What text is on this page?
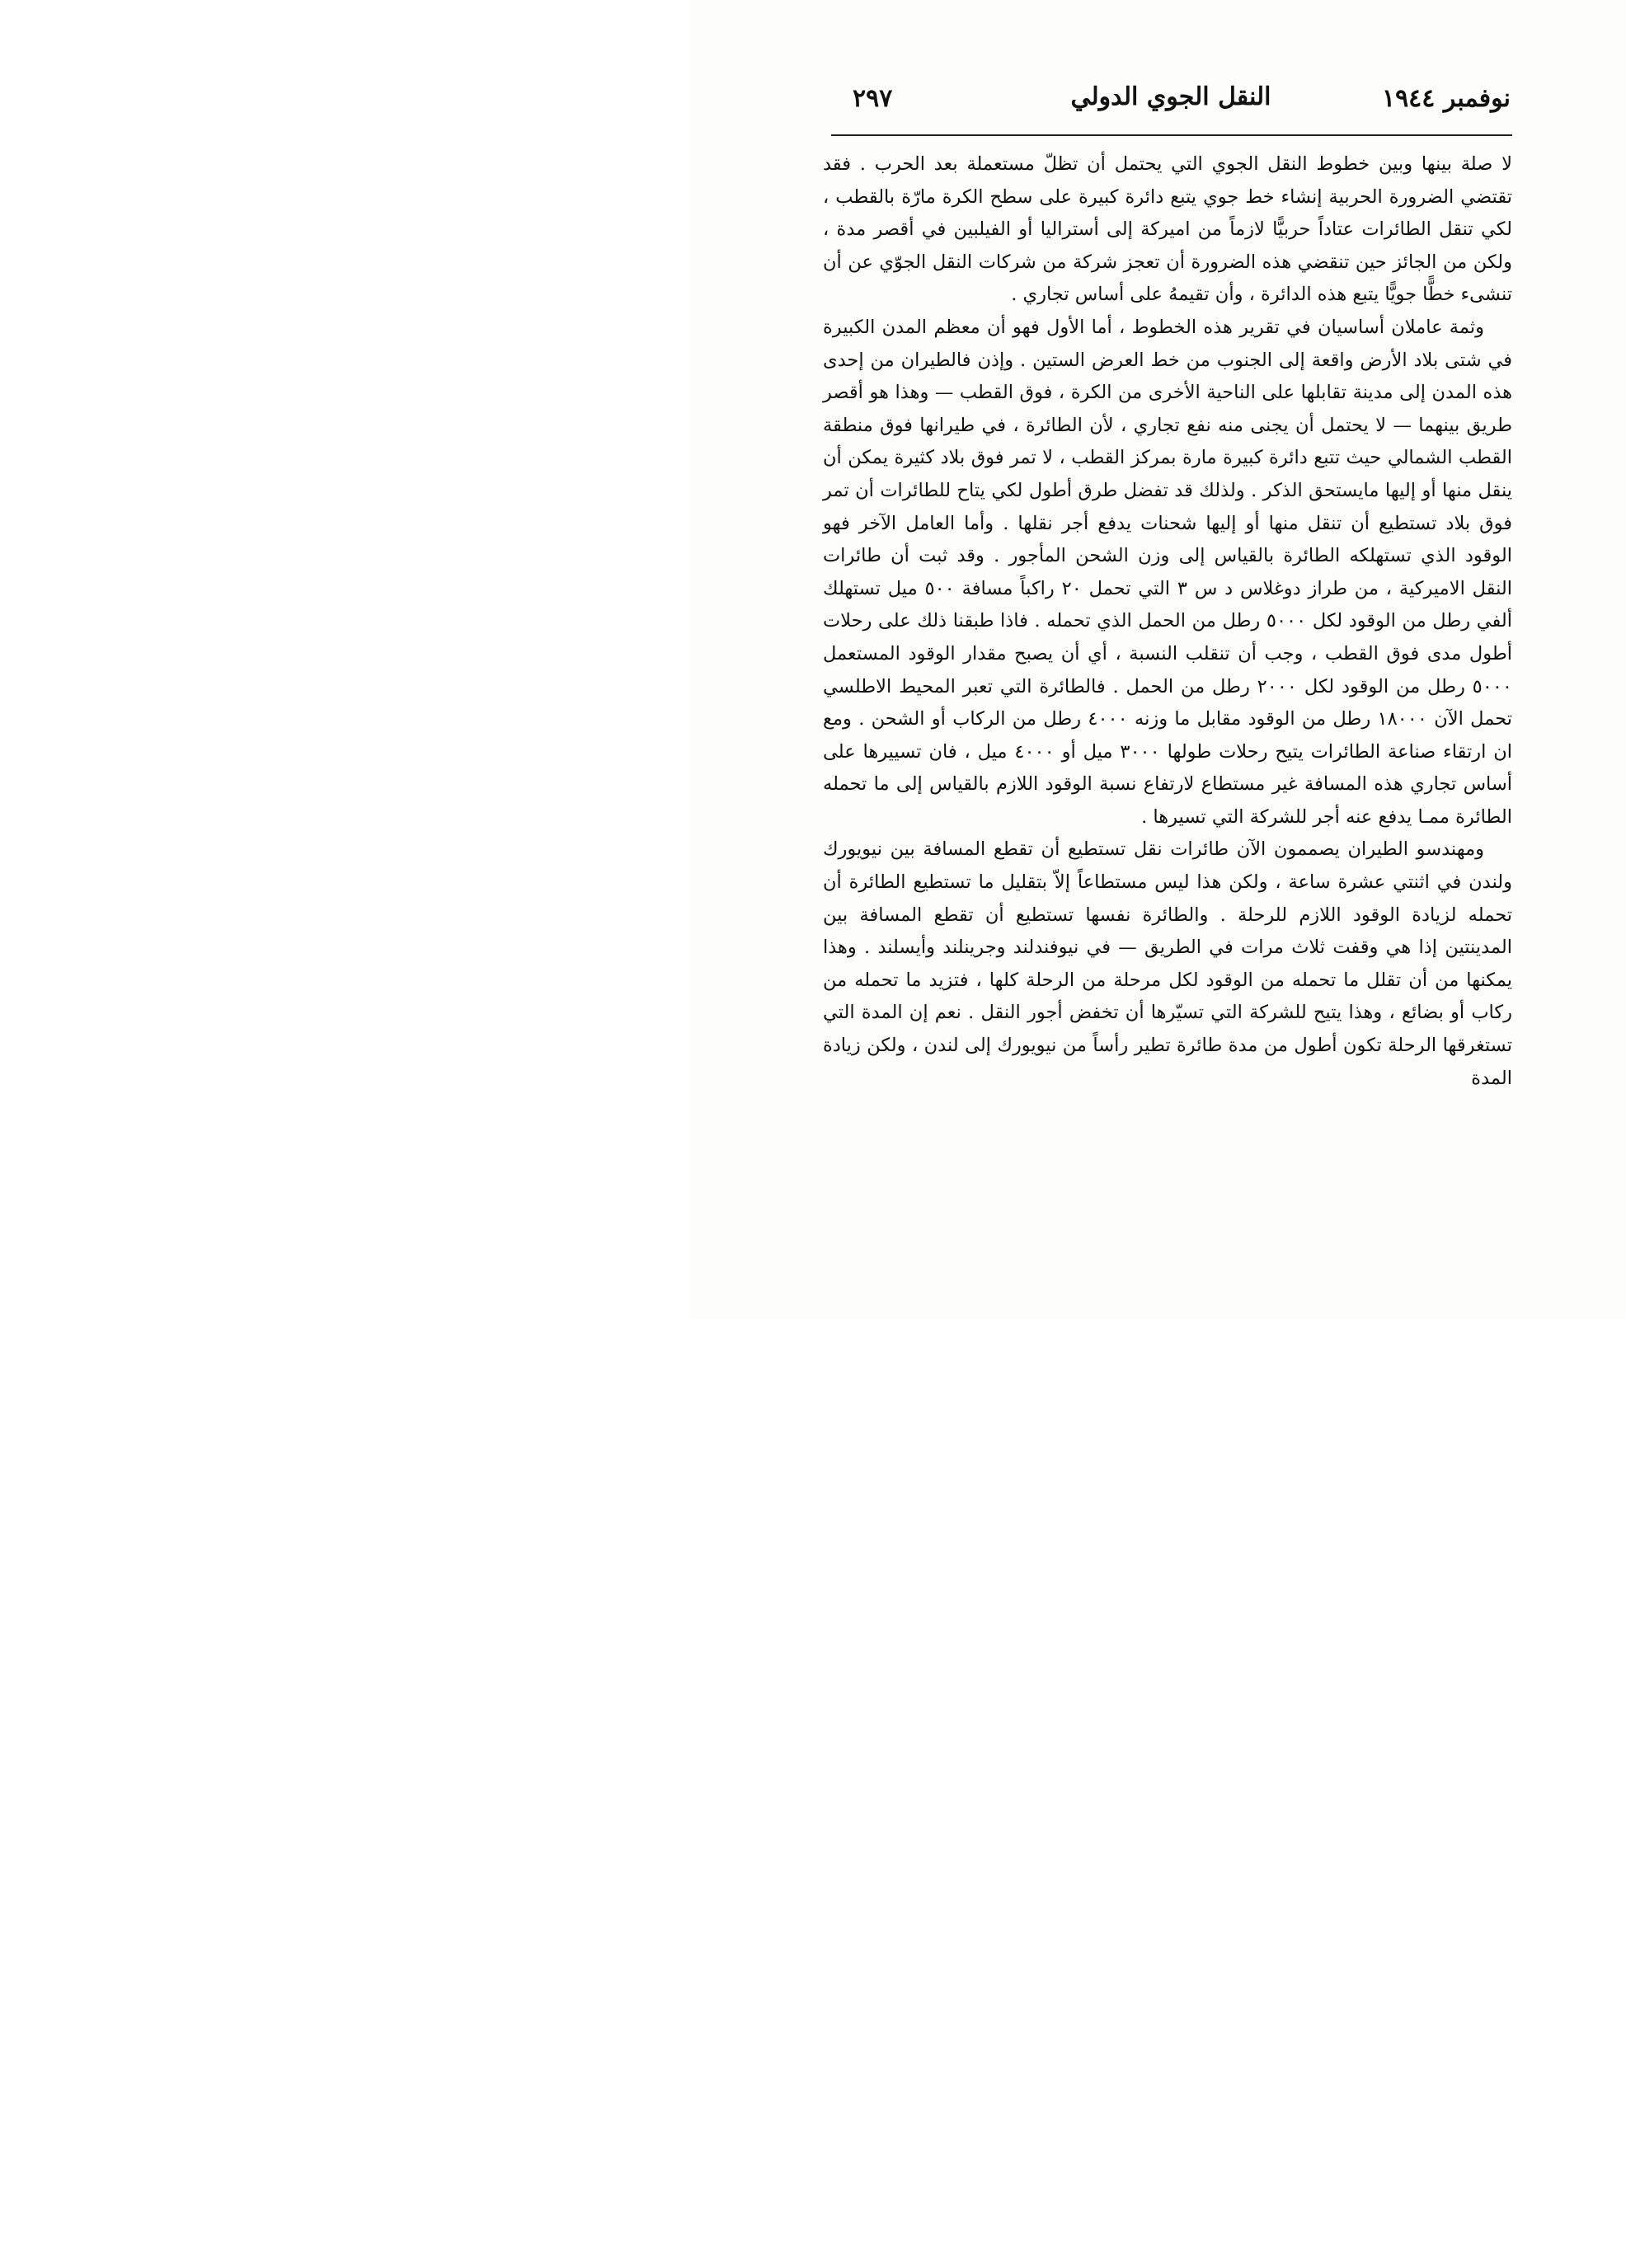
٢٩٧	النقل الجوي الدولي	نوفمبر ١٩٤٤

لا صلة بينها وبين خطوط النقل الجوي التي يحتمل أن تظلّ مستعملة بعد الحرب . فقد تقتضي الضرورة الحربية إنشاء خط جوي يتبع دائرة كبيرة على سطح الكرة مارّة بالقطب ، لكي تنقل الطائرات عتاداً حربيًّا لازماً من اميركة إلى أستراليا أو الفيلبين في أقصر مدة ، ولكن من الجائز حين تنقضي هذه الضرورة أن تعجز شركة من شركات النقل الجوّي عن أن تنشىء خطًّا جويًّا يتبع هذه الدائرة ، وأن تقيمهُ على أساس تجاري .

وثمة عاملان أساسيان في تقرير هذه الخطوط ، أما الأول فهو أن معظم المدن الكبيرة في شتى بلاد الأرض واقعة إلى الجنوب من خط العرض الستين . وإذن فالطيران من إحدى هذه المدن إلى مدينة تقابلها على الناحية الأخرى من الكرة ، فوق القطب — وهذا هو أقصر طريق بينهما — لا يحتمل أن يجنى منه نفع تجاري ، لأن الطائرة ، في طيرانها فوق منطقة القطب الشمالي حيث تتبع دائرة كبيرة مارة بمركز القطب ، لا تمر فوق بلاد كثيرة يمكن أن ينقل منها أو إليها مايستحق الذكر . ولذلك قد تفضل طرق أطول لكي يتاح للطائرات أن تمر فوق بلاد تستطيع أن تنقل منها أو إليها شحنات يدفع أجر نقلها . وأما العامل الآخر فهو الوقود الذي تستهلكه الطائرة بالقياس إلى وزن الشحن المأجور . وقد ثبت أن طائرات النقل الاميركية ، من طراز دوغلاس د س ٣ التي تحمل ٢٠ راكباً مسافة ٥٠٠ ميل تستهلك ألفي رطل من الوقود لكل ٥٠٠٠ رطل من الحمل الذي تحمله . فاذا طبقنا ذلك على رحلات أطول مدى فوق القطب ، وجب أن تنقلب النسبة ، أي أن يصبح مقدار الوقود المستعمل ٥٠٠٠ رطل من الوقود لكل ٢٠٠٠ رطل من الحمل . فالطائرة التي تعبر المحيط الاطلسي تحمل الآن ١٨٠٠٠ رطل من الوقود مقابل ما وزنه ٤٠٠٠ رطل من الركاب أو الشحن . ومع ان ارتقاء صناعة الطائرات يتيح رحلات طولها ٣٠٠٠ ميل أو ٤٠٠٠ ميل ، فان تسييرها على أساس تجاري هذه المسافة غير مستطاع لارتفاع نسبة الوقود اللازم بالقياس إلى ما تحمله الطائرة ممـا يدفع عنه أجر للشركة التي تسيرها .

ومهندسو الطيران يصممون الآن طائرات نقل تستطيع أن تقطع المسافة بين نيويورك ولندن في اثنتي عشرة ساعة ، ولكن هذا ليس مستطاعاً إلاّ بتقليل ما تستطيع الطائرة أن تحمله لزيادة الوقود اللازم للرحلة . والطائرة نفسها تستطيع أن تقطع المسافة بين المدينتين إذا هي وقفت ثلاث مرات في الطريق — في نيوفندلند وجرينلند وأيسلند . وهذا يمكنها من أن تقلل ما تحمله من الوقود لكل مرحلة من الرحلة كلها ، فتزيد ما تحمله من ركاب أو بضائع ، وهذا يتيح للشركة التي تسيّرها أن تخفض أجور النقل . نعم إن المدة التي تستغرقها الرحلة تكون أطول من مدة طائرة تطير رأساً من نيويورك إلى لندن ، ولكن زيادة المدة
